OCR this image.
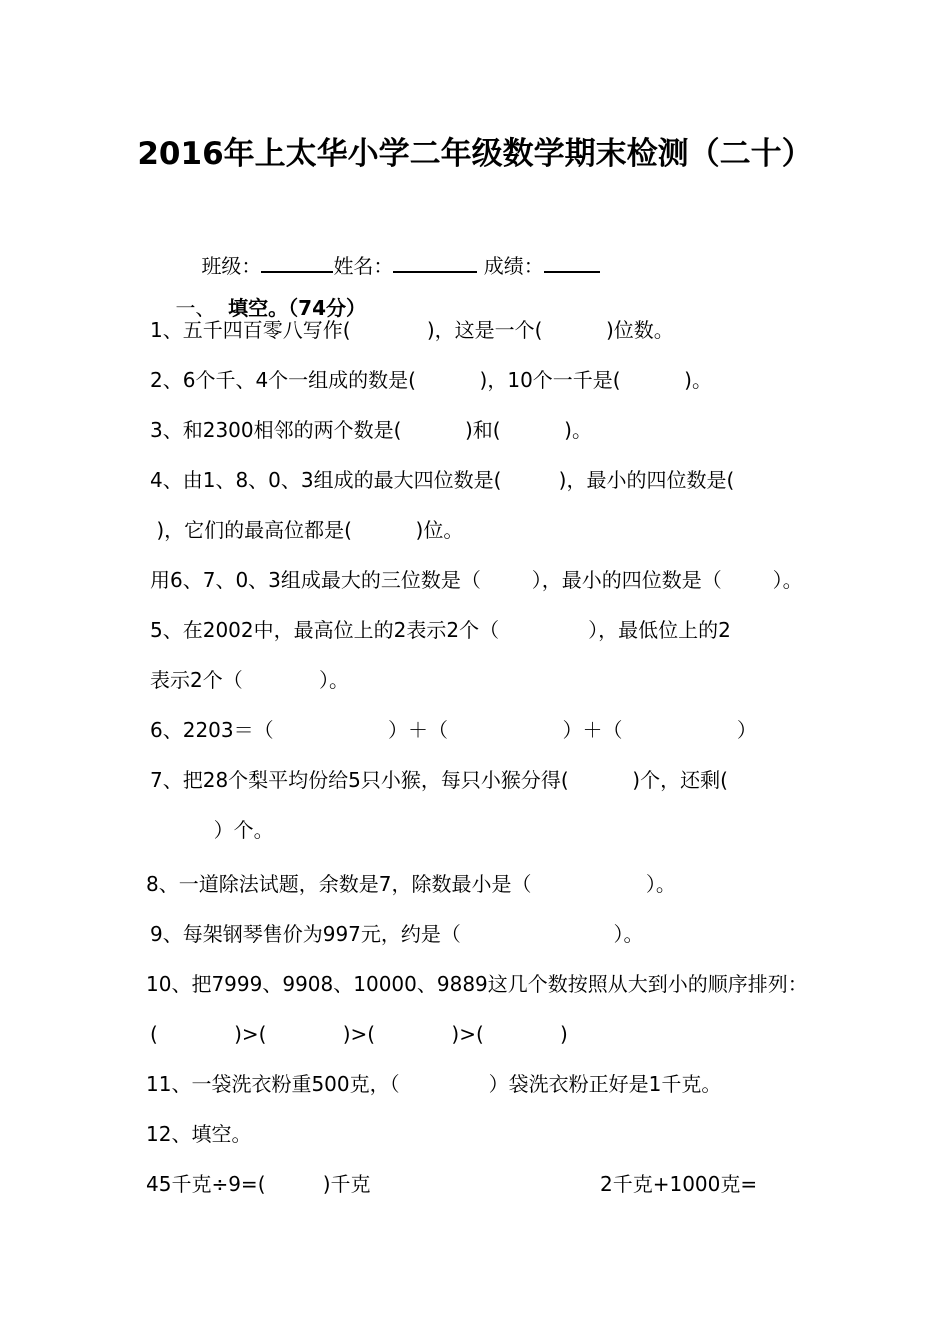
2016年上太华小学二年级数学期末检测（二十）

班级：	姓名：	成绩：

一、 填空。（74分）

1、五千四百零八写作(            )，这是一个(          )位数。
2、6个千、4个一组成的数是(          )，10个一千是(          )。
3、和2300相邻的两个数是(          )和(          )。
4、由1、8、0、3组成的最大四位数是(         )，最小的四位数是(
)，它们的最高位都是(          )位。
用6、7、0、3组成最大的三位数是（        ），最小的四位数是（        ）。
5、在2002中，最高位上的2表示2个（              ），最低位上的2
表示2个（            ）。
6、2203＝（                  ）＋（                  ）＋（                  ）
7、把28个梨平均份给5只小猴，每只小猴分得(          )个，还剩(
）个。
8、一道除法试题，余数是7，除数最小是（                  ）。
9、每架钢琴售价为997元，约是（                        ）。
10、把7999、9908、10000、9889这几个数按照从大到小的顺序排列：
(            )>(            )>(            )>(            )
11、一袋洗衣粉重500克，（              ）袋洗衣粉正好是1千克。
12、填空。
45千克÷9=(         )千克	2千克+1000克=
